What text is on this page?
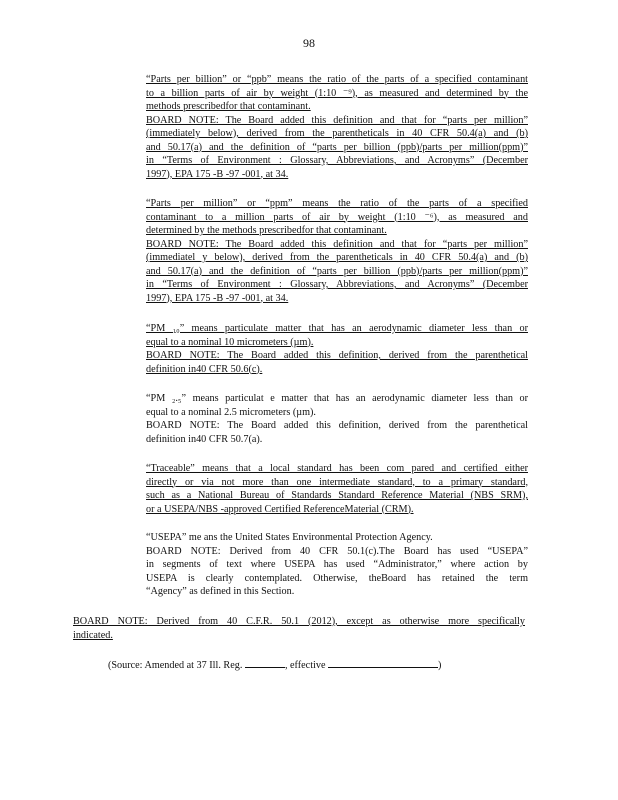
98
“Parts per billion” or “ppb” means the ratio of the parts of a specified contaminant
to a billion parts of air by weight (1:10 ⁻⁹), as measured and determined by the
methods prescribedfor that contaminant.
BOARD NOTE: The Board added this definition and that for “parts per million”
(immediately below), derived from the parentheticals in 40 CFR 50.4(a) and (b)
and 50.17(a) and the definition of “parts per billion (ppb)/parts per million(ppm)”
in “Terms of Environment : Glossary, Abbreviations, and Acronyms” (December
1997), EPA 175 -B -97 -001, at 34.
“Parts per million” or “ppm” means the ratio of the parts of a specified
contaminant to a million parts of air by weight (1:10 ⁻⁶), as measured and
determined by the methods prescribedfor that contaminant.
BOARD NOTE: The Board added this definition and that for “parts per million”
(immediatel y below), derived from the parentheticals in 40 CFR 50.4(a) and (b)
and 50.17(a) and the definition of “parts per billion (ppb)/parts per million(ppm)”
in “Terms of Environment : Glossary, Abbreviations, and Acronyms” (December
1997), EPA 175 -B -97 -001, at 34.
“PM ₁₀” means particulate matter that has an aerodynamic diameter less than or
equal to a nominal 10 micrometers (µm).
BOARD NOTE: The Board added this definition, derived from the parenthetical
definition in40 CFR 50.6(c).
“PM ₂.₅” means particulat e matter that has an aerodynamic diameter less than or
equal to a nominal 2.5 micrometers (µm).
BOARD NOTE: The Board added this definition, derived from the parenthetical
definition in40 CFR 50.7(a).
“Traceable” means that a local standard has been com pared and certified either
directly or via not more than one intermediate standard, to a primary standard,
such as a National Bureau of Standards Standard Reference Material (NBS SRM),
or a USEPA/NBS -approved Certified ReferenceMaterial (CRM).
“USEPA” me ans the United States Environmental Protection Agency.
BOARD NOTE: Derived from 40 CFR 50.1(c).The Board has used “USEPA”
in segments of text where USEPA has used “Administrator,” where action by
USEPA is clearly contemplated. Otherwise, theBoard has retained the term
“Agency” as defined in this Section.
BOARD NOTE: Derived from 40 C.F.R. 50.1 (2012), except as otherwise more specifically
indicated.
(Source: Amended at 37 Ill. Reg.	, effective	)
